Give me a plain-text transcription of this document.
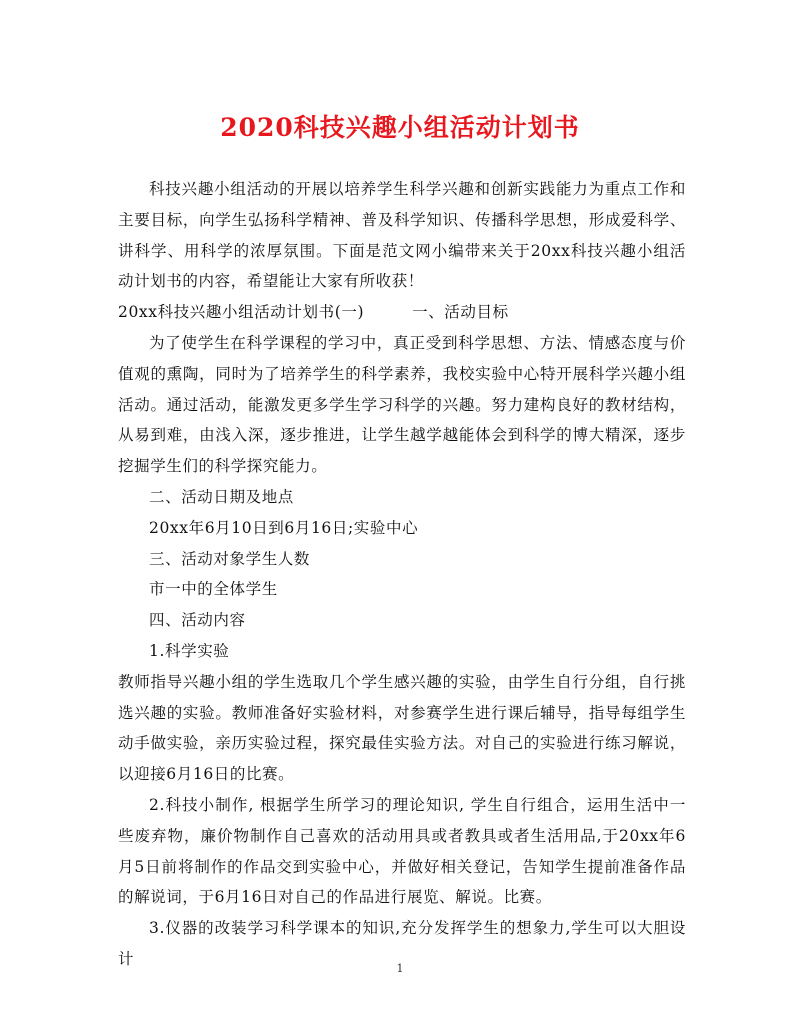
2020科技兴趣小组活动计划书

科技兴趣小组活动的开展以培养学生科学兴趣和创新实践能力为重点工作和主要目标，向学生弘扬科学精神、普及科学知识、传播科学思想，形成爱科学、讲科学、用科学的浓厚氛围。下面是范文网小编带来关于20xx科技兴趣小组活动计划书的内容，希望能让大家有所收获！

20xx科技兴趣小组活动计划书(一)	一、活动目标

为了使学生在科学课程的学习中，真正受到科学思想、方法、情感态度与价值观的熏陶，同时为了培养学生的科学素养，我校实验中心特开展科学兴趣小组活动。通过活动，能激发更多学生学习科学的兴趣。努力建构良好的教材结构，从易到难，由浅入深，逐步推进，让学生越学越能体会到科学的博大精深，逐步挖掘学生们的科学探究能力。

二、活动日期及地点

20xx年6月10日到6月16日;实验中心

三、活动对象学生人数

市一中的全体学生

四、活动内容

1.科学实验

教师指导兴趣小组的学生选取几个学生感兴趣的实验，由学生自行分组，自行挑选兴趣的实验。教师准备好实验材料，对参赛学生进行课后辅导，指导每组学生动手做实验，亲历实验过程，探究最佳实验方法。对自己的实验进行练习解说，以迎接6月16日的比赛。

2.科技小制作, 根据学生所学习的理论知识, 学生自行组合，运用生活中一些废弃物，廉价物制作自己喜欢的活动用具或者教具或者生活用品,于20xx年6月5日前将制作的作品交到实验中心，并做好相关登记，告知学生提前准备作品的解说词，于6月16日对自己的作品进行展览、解说。比赛。

3.仪器的改装学习科学课本的知识,充分发挥学生的想象力,学生可以大胆设计

1
